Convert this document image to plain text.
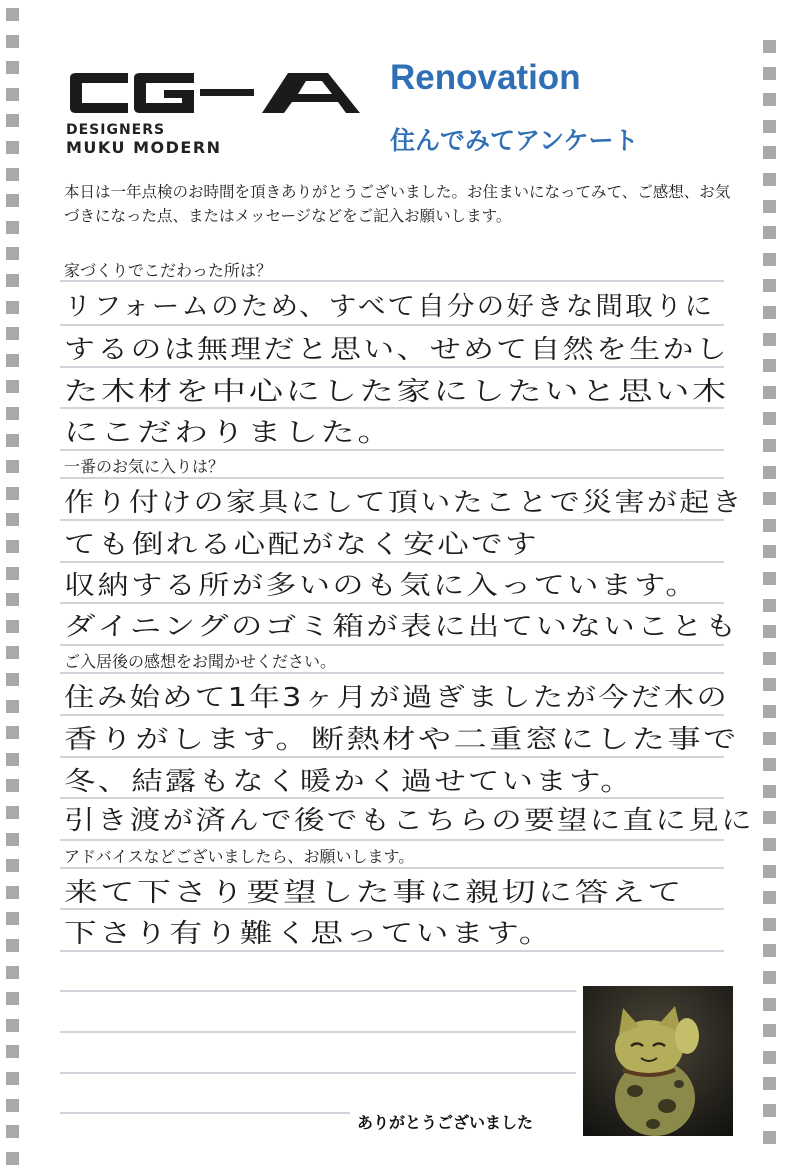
DESIGNERS
MUKU MODERN
Renovation
住んでみてアンケート
本日は一年点検のお時間を頂きありがとうございました。お住まいになってみて、ご感想、お気づきになった点、またはメッセージなどをご記入お願いします。
家づくりでこだわった所は？
一番のお気に入りは？
ご入居後の感想をお聞かせください。
アドバイスなどございましたら、お願いします。
リフォームのため、すべて自分の好きな間取りに
するのは無理だと思い、せめて自然を生かし
た木材を中心にした家にしたいと思い木
にこだわりました。
作り付けの家具にして頂いたことで災害が起き
ても倒れる心配がなく安心です
収納する所が多いのも気に入っています。
ダイニングのゴミ箱が表に出ていないことも
住み始めて1年3ヶ月が過ぎましたが今だ木の
香りがします。断熱材や二重窓にした事で
冬、結露もなく暖かく過せています。
引き渡が済んで後でもこちらの要望に直に見に
来て下さり要望した事に親切に答えて
下さり有り難く思っています。
ありがとうございました
